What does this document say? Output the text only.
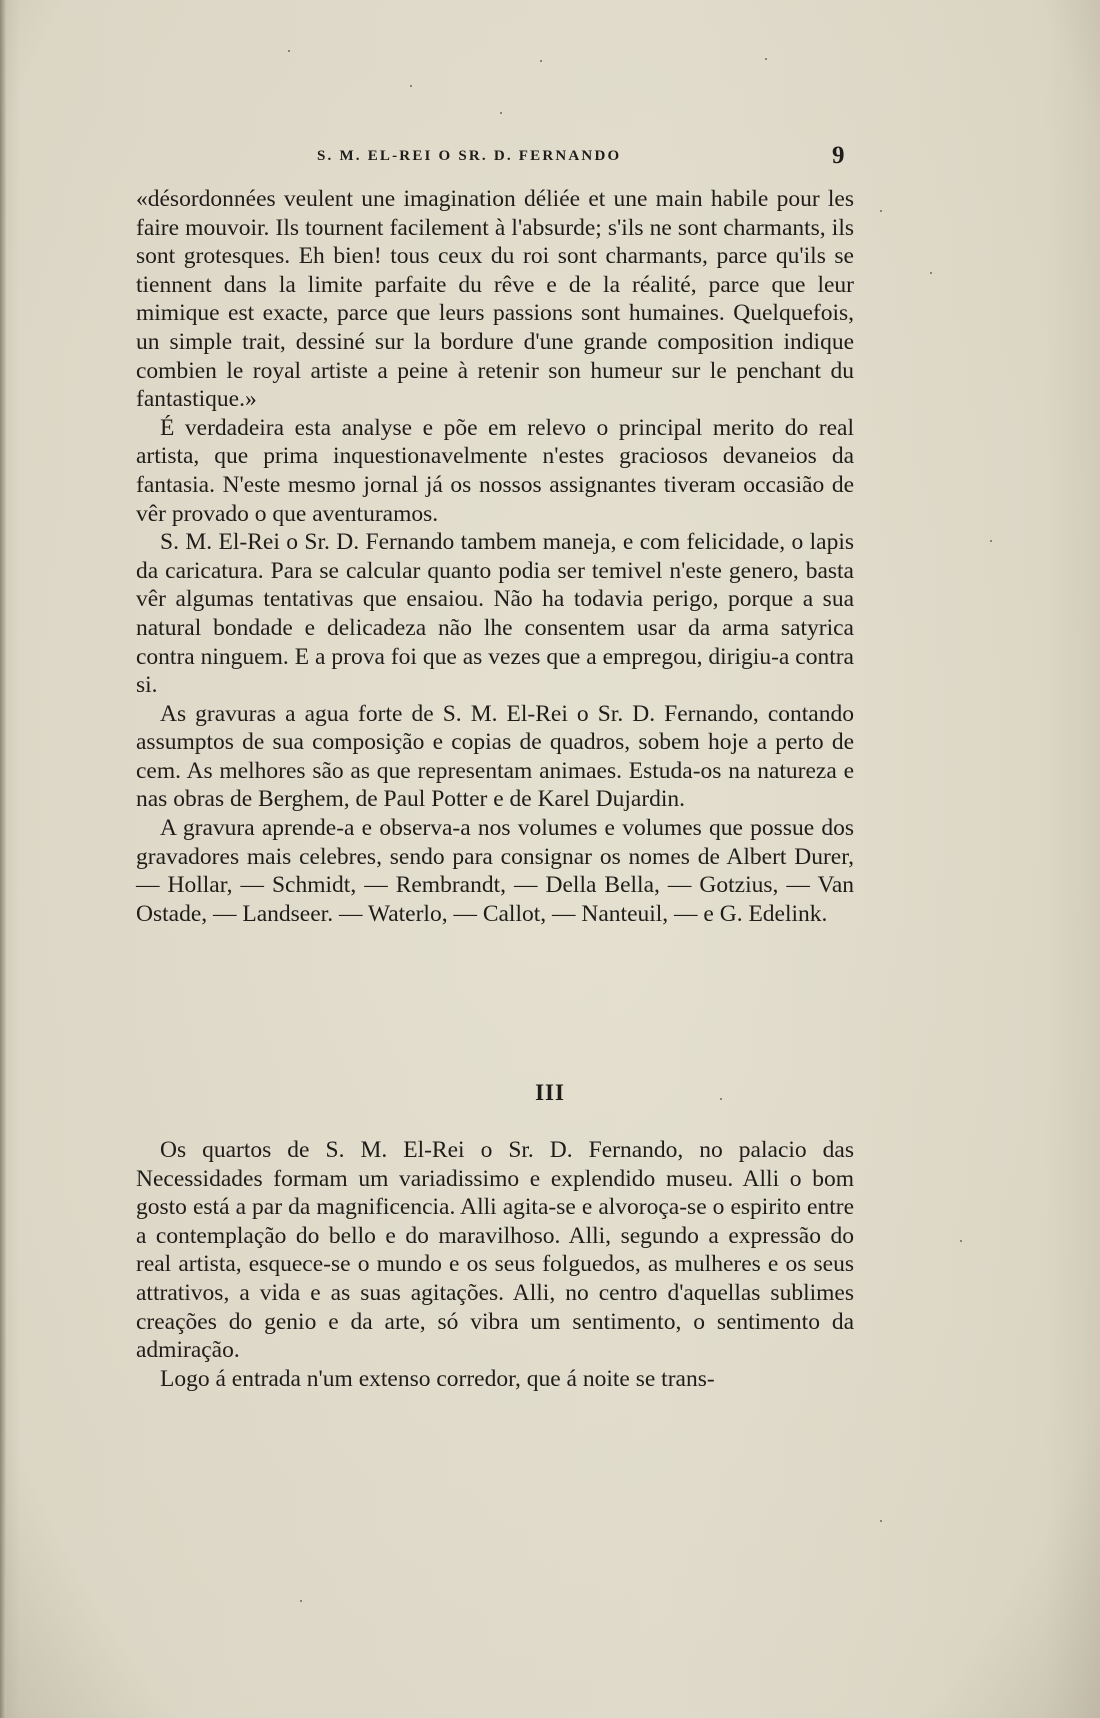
S. M. EL-REI O SR. D. FERNANDO	9

«désordonnées veulent une imagination déliée et une main habile pour les faire mouvoir. Ils tournent facilement à l'absurde; s'ils ne sont charmants, ils sont grotesques. Eh bien! tous ceux du roi sont charmants, parce qu'ils se tiennent dans la limite parfaite du rêve e de la réalité, parce que leur mimique est exacte, parce que leurs passions sont humaines. Quelquefois, un simple trait, dessiné sur la bordure d'une grande composition indique combien le royal artiste a peine à retenir son humeur sur le penchant du fantastique.»

É verdadeira esta analyse e põe em relevo o principal merito do real artista, que prima inquestionavelmente n'estes graciosos devaneios da fantasia. N'este mesmo jornal já os nossos assignantes tiveram occasião de vêr provado o que aventuramos.

S. M. El-Rei o Sr. D. Fernando tambem maneja, e com felicidade, o lapis da caricatura. Para se calcular quanto podia ser temivel n'este genero, basta vêr algumas tentativas que ensaiou. Não ha todavia perigo, porque a sua natural bondade e delicadeza não lhe consentem usar da arma satyrica contra ninguem. E a prova foi que as vezes que a empregou, dirigiu-a contra si.

As gravuras a agua forte de S. M. El-Rei o Sr. D. Fernando, contando assumptos de sua composição e copias de quadros, sobem hoje a perto de cem. As melhores são as que representam animaes. Estuda-os na natureza e nas obras de Berghem, de Paul Potter e de Karel Dujardin.

A gravura aprende-a e observa-a nos volumes e volumes que possue dos gravadores mais celebres, sendo para consignar os nomes de Albert Durer, — Hollar, — Schmidt, — Rembrandt, — Della Bella, — Gotzius, — Van Ostade, — Landseer. — Waterlo, — Callot, — Nanteuil, — e G. Edelink.

III

Os quartos de S. M. El-Rei o Sr. D. Fernando, no palacio das Necessidades formam um variadissimo e explendido museu. Alli o bom gosto está a par da magnificencia. Alli agita-se e alvoroça-se o espirito entre a contemplação do bello e do maravilhoso. Alli, segundo a expressão do real artista, esquece-se o mundo e os seus folguedos, as mulheres e os seus attrativos, a vida e as suas agitações. Alli, no centro d'aquellas sublimes creações do genio e da arte, só vibra um sentimento, o sentimento da admiração.

Logo á entrada n'um extenso corredor, que á noite se trans-
